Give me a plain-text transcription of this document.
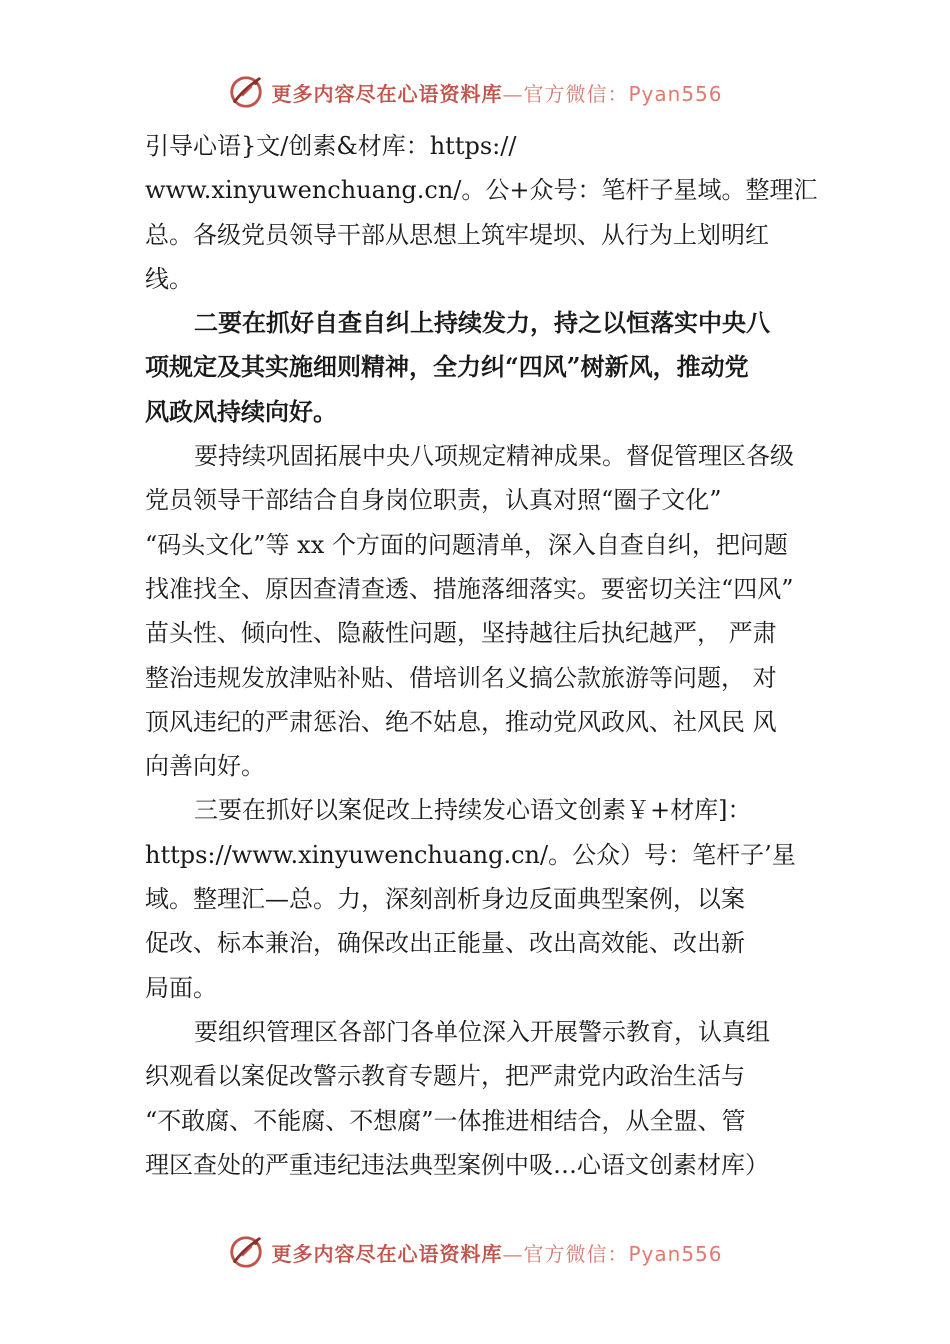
更多内容尽在心语资料库—官方微信：Pyan556
引导心语}文/创素&材库：https://
www.xinyuwenchuang.cn/。公+众号：笔杆子星域。整理汇
总。各级党员领导干部从思想上筑牢堤坝、从行为上划明红
线。
二要在抓好自查自纠上持续发力，持之以恒落实中央八
项规定及其实施细则精神，全力纠“四风”树新风，推动党
风政风持续向好。
要持续巩固拓展中央八项规定精神成果。督促管理区各级
党员领导干部结合自身岗位职责，认真对照“圈子文化”
“码头文化”等 xx 个方面的问题清单，深入自查自纠，把问题
找准找全、原因查清查透、措施落细落实。要密切关注“四风”
苗头性、倾向性、隐蔽性问题，坚持越往后执纪越严， 严肃
整治违规发放津贴补贴、借培训名义搞公款旅游等问题， 对
顶风违纪的严肃惩治、绝不姑息，推动党风政风、社风民 风
向善向好。
三要在抓好以案促改上持续发心语文创素￥+材库]：
https://www.xinyuwenchuang.cn/。公众）号：笔杆子’星
域。整理汇—总。力，深刻剖析身边反面典型案例，以案
促改、标本兼治，确保改出正能量、改出高效能、改出新
局面。
要组织管理区各部门各单位深入开展警示教育，认真组
织观看以案促改警示教育专题片，把严肃党内政治生活与
“不敢腐、不能腐、不想腐”一体推进相结合，从全盟、管
理区查处的严重违纪违法典型案例中吸…心语文创素材库）
更多内容尽在心语资料库—官方微信：Pyan556
